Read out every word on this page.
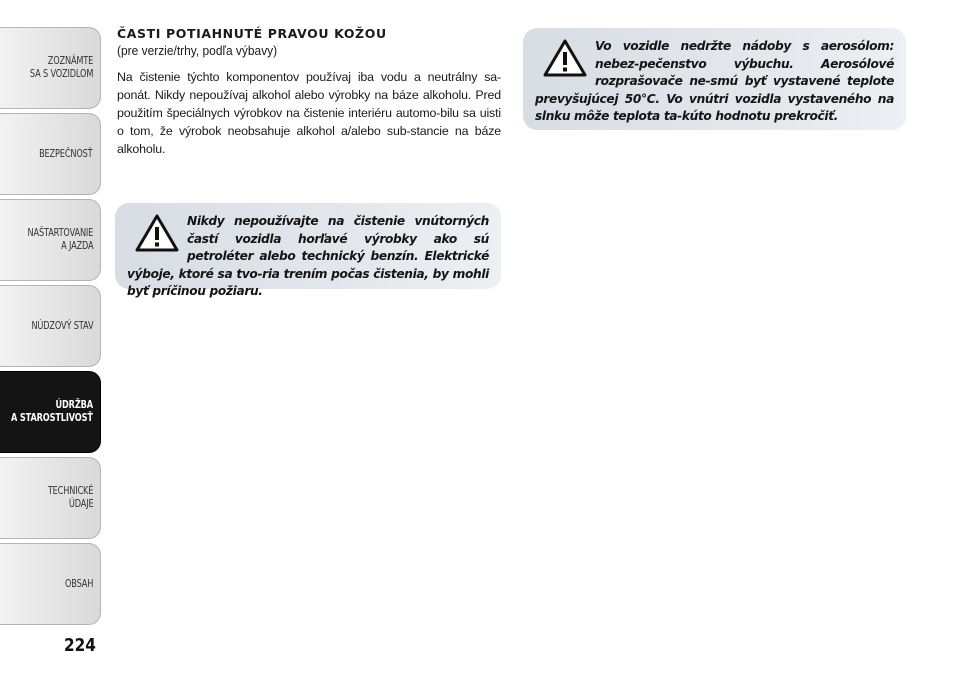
ZOZNÁMTE
SA S VOZIDLOM
BEZPEČNOSŤ
NAŠTARTOVANIE
A JAZDA
NÚDZOVÝ STAV
ÚDRŽBA
A STAROSTLIVOSŤ
TECHNICKÉ
ÚDAJE
OBSAH
224
ČASTI POTIAHNUTÉ PRAVOU KOŽOU

(pre verzie/trhy, podľa výbavy)

Na čistenie týchto komponentov používaj iba vodu a neutrálny sa-ponát. Nikdy nepoužívaj alkohol alebo výrobky na báze alkoholu. Pred použitím špeciálnych výrobkov na čistenie interiéru automo-bilu sa uisti o tom, že výrobok neobsahuje alkohol a/alebo sub-stancie na báze alkoholu.

Nikdy nepoužívajte na čistenie vnútorných častí vozidla horľavé výrobky ako sú petroléter alebo technický benzín. Elektrické výboje, ktoré sa tvo-ria trením počas čistenia, by mohli byť príčinou požiaru.

Vo vozidle nedržte nádoby s aerosólom: nebez-pečenstvo výbuchu. Aerosólové rozprašovače ne-smú byť vystavené teplote prevyšujúcej 50°C. Vo vnútri vozidla vystaveného na slnku môže teplota ta-kúto hodnotu prekročiť.
